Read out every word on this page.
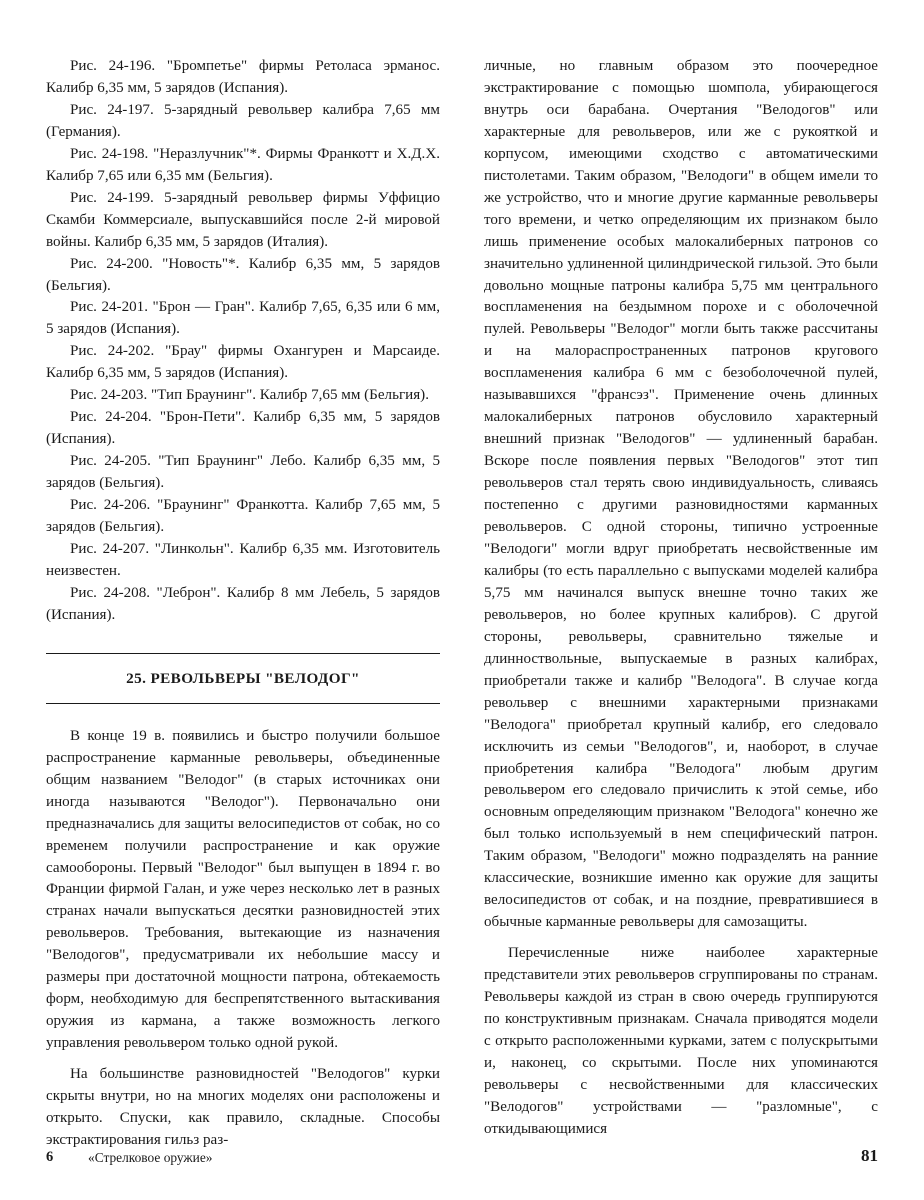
Рис. 24-196. "Бромпетье" фирмы Ретоласа эрманос. Калибр 6,35 мм, 5 зарядов (Испания).

Рис. 24-197. 5-зарядный револьвер калибра 7,65 мм (Германия).

Рис. 24-198. "Неразлучник"*. Фирмы Франкотт и Х.Д.Х. Калибр 7,65 или 6,35 мм (Бельгия).

Рис. 24-199. 5-зарядный револьвер фирмы Уффицио Скамби Коммерсиале, выпускавшийся после 2-й мировой войны. Калибр 6,35 мм, 5 зарядов (Италия).

Рис. 24-200. "Новость"*. Калибр 6,35 мм, 5 зарядов (Бельгия).

Рис. 24-201. "Брон — Гран". Калибр 7,65, 6,35 или 6 мм, 5 зарядов (Испания).

Рис. 24-202. "Брау" фирмы Охангурен и Марсаиде. Калибр 6,35 мм, 5 зарядов (Испания).

Рис. 24-203. "Тип Браунинг". Калибр 7,65 мм (Бельгия).

Рис. 24-204. "Брон-Пети". Калибр 6,35 мм, 5 зарядов (Испания).

Рис. 24-205. "Тип Браунинг" Лебо. Калибр 6,35 мм, 5 зарядов (Бельгия).

Рис. 24-206. "Браунинг" Франкотта. Калибр 7,65 мм, 5 зарядов (Бельгия).

Рис. 24-207. "Линкольн". Калибр 6,35 мм. Изготовитель неизвестен.

Рис. 24-208. "Леброн". Калибр 8 мм Лебель, 5 зарядов (Испания).

25. РЕВОЛЬВЕРЫ "ВЕЛОДОГ"

В конце 19 в. появились и быстро получили большое распространение карманные револьверы, объединенные общим названием "Велодог" (в старых источниках они иногда называются "Велодог"). Первоначально они предназначались для защиты велосипедистов от собак, но со временем получили распространение и как оружие самообороны. Первый "Велодог" был выпущен в 1894 г. во Франции фирмой Галан, и уже через несколько лет в разных странах начали выпускаться десятки разновидностей этих револьверов. Требования, вытекающие из назначения "Велодогов", предусматривали их небольшие массу и размеры при достаточной мощности патрона, обтекаемость форм, необходимую для беспрепятственного вытаскивания оружия из кармана, а также возможность легкого управления револьвером только одной рукой.

На большинстве разновидностей "Велодогов" курки скрыты внутри, но на многих моделях они расположены и открыто. Спуски, как правило, складные. Способы экстрактирования гильз раз-

личные, но главным образом это поочередное экстрактирование с помощью шомпола, убирающегося внутрь оси барабана. Очертания "Велодогов" или характерные для револьверов, или же с рукояткой и корпусом, имеющими сходство с автоматическими пистолетами. Таким образом, "Велодоги" в общем имели то же устройство, что и многие другие карманные револьверы того времени, и четко определяющим их признаком было лишь применение особых малокалиберных патронов со значительно удлиненной цилиндрической гильзой. Это были довольно мощные патроны калибра 5,75 мм центрального воспламенения на бездымном порохе и с оболочечной пулей. Револьверы "Велодог" могли быть также рассчитаны и на малораспространенных патронов кругового воспламенения калибра 6 мм с безоболочечной пулей, называвшихся "франсэз". Применение очень длинных малокалиберных патронов обусловило характерный внешний признак "Велодогов" — удлиненный барабан. Вскоре после появления первых "Велодогов" этот тип револьверов стал терять свою индивидуальность, сливаясь постепенно с другими разновидностями карманных револьверов. С одной стороны, типично устроенные "Велодоги" могли вдруг приобретать несвойственные им калибры (то есть параллельно с выпусками моделей калибра 5,75 мм начинался выпуск внешне точно таких же револьверов, но более крупных калибров). С другой стороны, револьверы, сравнительно тяжелые и длинноствольные, выпускаемые в разных калибрах, приобретали также и калибр "Велодога". В случае когда револьвер с внешними характерными признаками "Велодога" приобретал крупный калибр, его следовало исключить из семьи "Велодогов", и, наоборот, в случае приобретения калибра "Велодога" любым другим револьвером его следовало причислить к этой семье, ибо основным определяющим признаком "Велодога" конечно же был только используемый в нем специфический патрон. Таким образом, "Велодоги" можно подразделять на ранние классические, возникшие именно как оружие для защиты велосипедистов от собак, и на поздние, превратившиеся в обычные карманные револьверы для самозащиты.

Перечисленные ниже наиболее характерные представители этих револьверов сгруппированы по странам. Револьверы каждой из стран в свою очередь группируются по конструктивным признакам. Сначала приводятся модели с открыто расположенными курками, затем с полускрытыми и, наконец, со скрытыми. После них упоминаются револьверы с несвойственными для классических "Велодогов" устройствами — "разломные", с откидывающимися

6	«Стрелковое оружие»	81
